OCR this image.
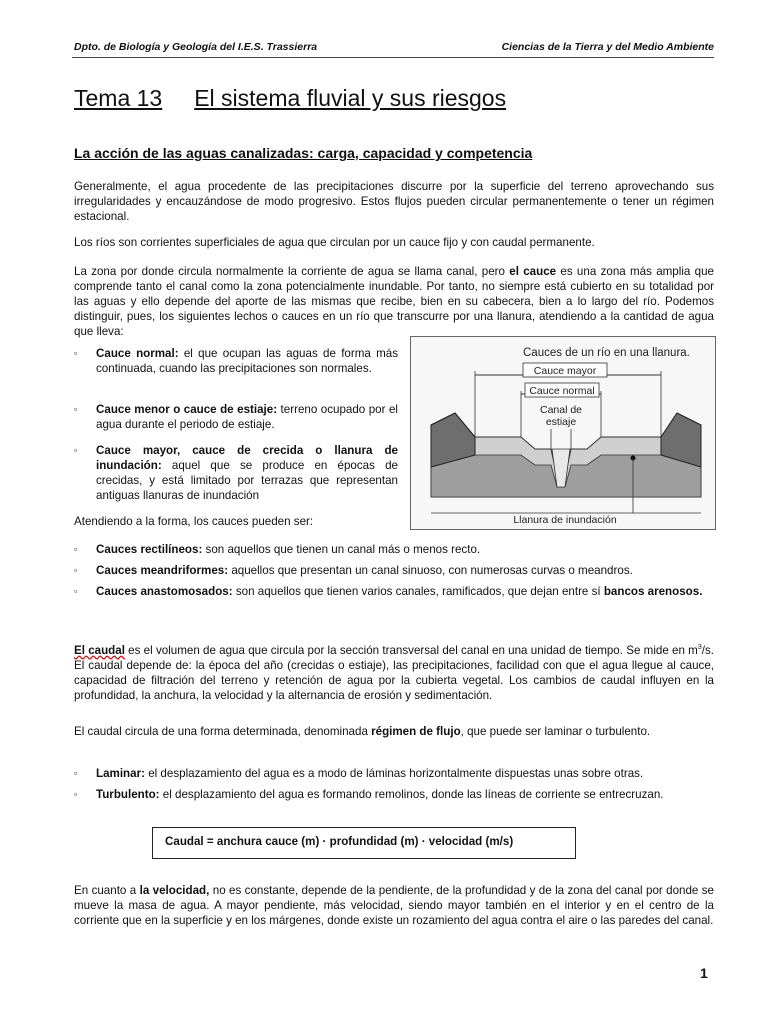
Dpto. de Biología y Geología del I.E.S. Trassierra	Ciencias de la Tierra y del Medio Ambiente
Tema 13 El sistema fluvial y sus riesgos
La acción de las aguas canalizadas: carga, capacidad y competencia

Generalmente, el agua procedente de las precipitaciones discurre por la superficie del terreno aprovechando sus irregularidades y encauzándose de modo progresivo. Estos flujos pueden circular permanentemente o tener un régimen estacional.

Los ríos son corrientes superficiales de agua que circulan por un cauce fijo y con caudal permanente.

La zona por donde circula normalmente la corriente de agua se llama canal, pero el cauce es una zona más amplia que comprende tanto el canal como la zona potencialmente inundable. Por tanto, no siempre está cubierto en su totalidad por las aguas y ello depende del aporte de las mismas que recibe, bien en su cabecera, bien a lo largo del río. Podemos distinguir, pues, los siguientes lechos o cauces en un río que transcurre por una llanura, atendiendo a la cantidad de agua que lleva:

▫ Cauce normal: el que ocupan las aguas de forma más continuada, cuando las precipitaciones son normales.

▫ Cauce menor o cauce de estiaje: terreno ocupado por el agua durante el periodo de estiaje.

▫ Cauce mayor, cauce de crecida o llanura de inundación: aquel que se produce en épocas de crecidas, y está limitado por terrazas que representan antiguas llanuras de inundación

Cauces de un río en una llanura.
Cauce mayor
Cauce normal
Canal de
estiaje
Llanura de inundación

Atendiendo a la forma, los cauces pueden ser:

▫ Cauces rectilíneos: son aquellos que tienen un canal más o menos recto.

▫ Cauces meandriformes: aquellos que presentan un canal sinuoso, con numerosas curvas o meandros.

▫ Cauces anastomosados: son aquellos que tienen varios canales, ramificados, que dejan entre sí bancos arenosos.

El caudal es el volumen de agua que circula por la sección transversal del canal en una unidad de tiempo. Se mide en $m^3/s$. El caudal depende de: la época del año (crecidas o estiaje), las precipitaciones, facilidad con que el agua llegue al cauce, capacidad de filtración del terreno y retención de agua por la cubierta vegetal. Los cambios de caudal influyen en la profundidad, la anchura, la velocidad y la alternancia de erosión y sedimentación.

El caudal circula de una forma determinada, denominada régimen de flujo, que puede ser laminar o turbulento.

▫ Laminar: el desplazamiento del agua es a modo de láminas horizontalmente dispuestas unas sobre otras.

▫ Turbulento: el desplazamiento del agua es formando remolinos, donde las líneas de corriente se entrecruzan.

Caudal = anchura cauce (m) · profundidad (m) · velocidad (m/s)

En cuanto a la velocidad, no es constante, depende de la pendiente, de la profundidad y de la zona del canal por donde se mueve la masa de agua. A mayor pendiente, más velocidad, siendo mayor también en el interior y en el centro de la corriente que en la superficie y en los márgenes, donde existe un rozamiento del agua contra el aire o las paredes del canal.

1
